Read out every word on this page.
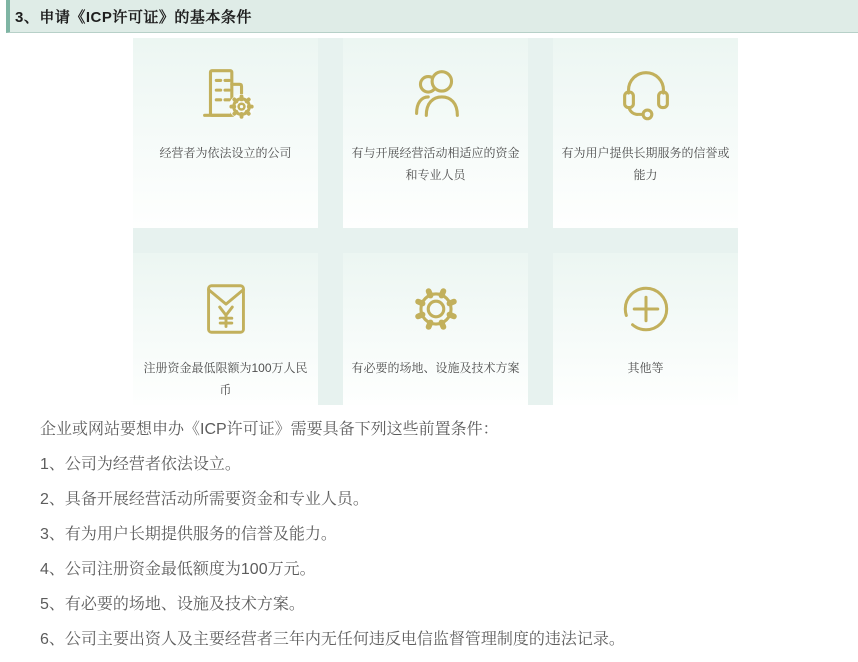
3、申请《ICP许可证》的基本条件
经营者为依法设立的公司	有与开展经营活动相适应的资金和专业人员
有为用户提供长期服务的信誉或能力
注册资金最低限额为100万人民币
有必要的场地、设施及技术方案	其他等

企业或网站要想申办《ICP许可证》需要具备下列这些前置条件：

1、公司为经营者依法设立。

2、具备开展经营活动所需要资金和专业人员。

3、有为用户长期提供服务的信誉及能力。

4、公司注册资金最低额度为100万元。

5、有必要的场地、设施及技术方案。

6、公司主要出资人及主要经营者三年内无任何违反电信监督管理制度的违法记录。
